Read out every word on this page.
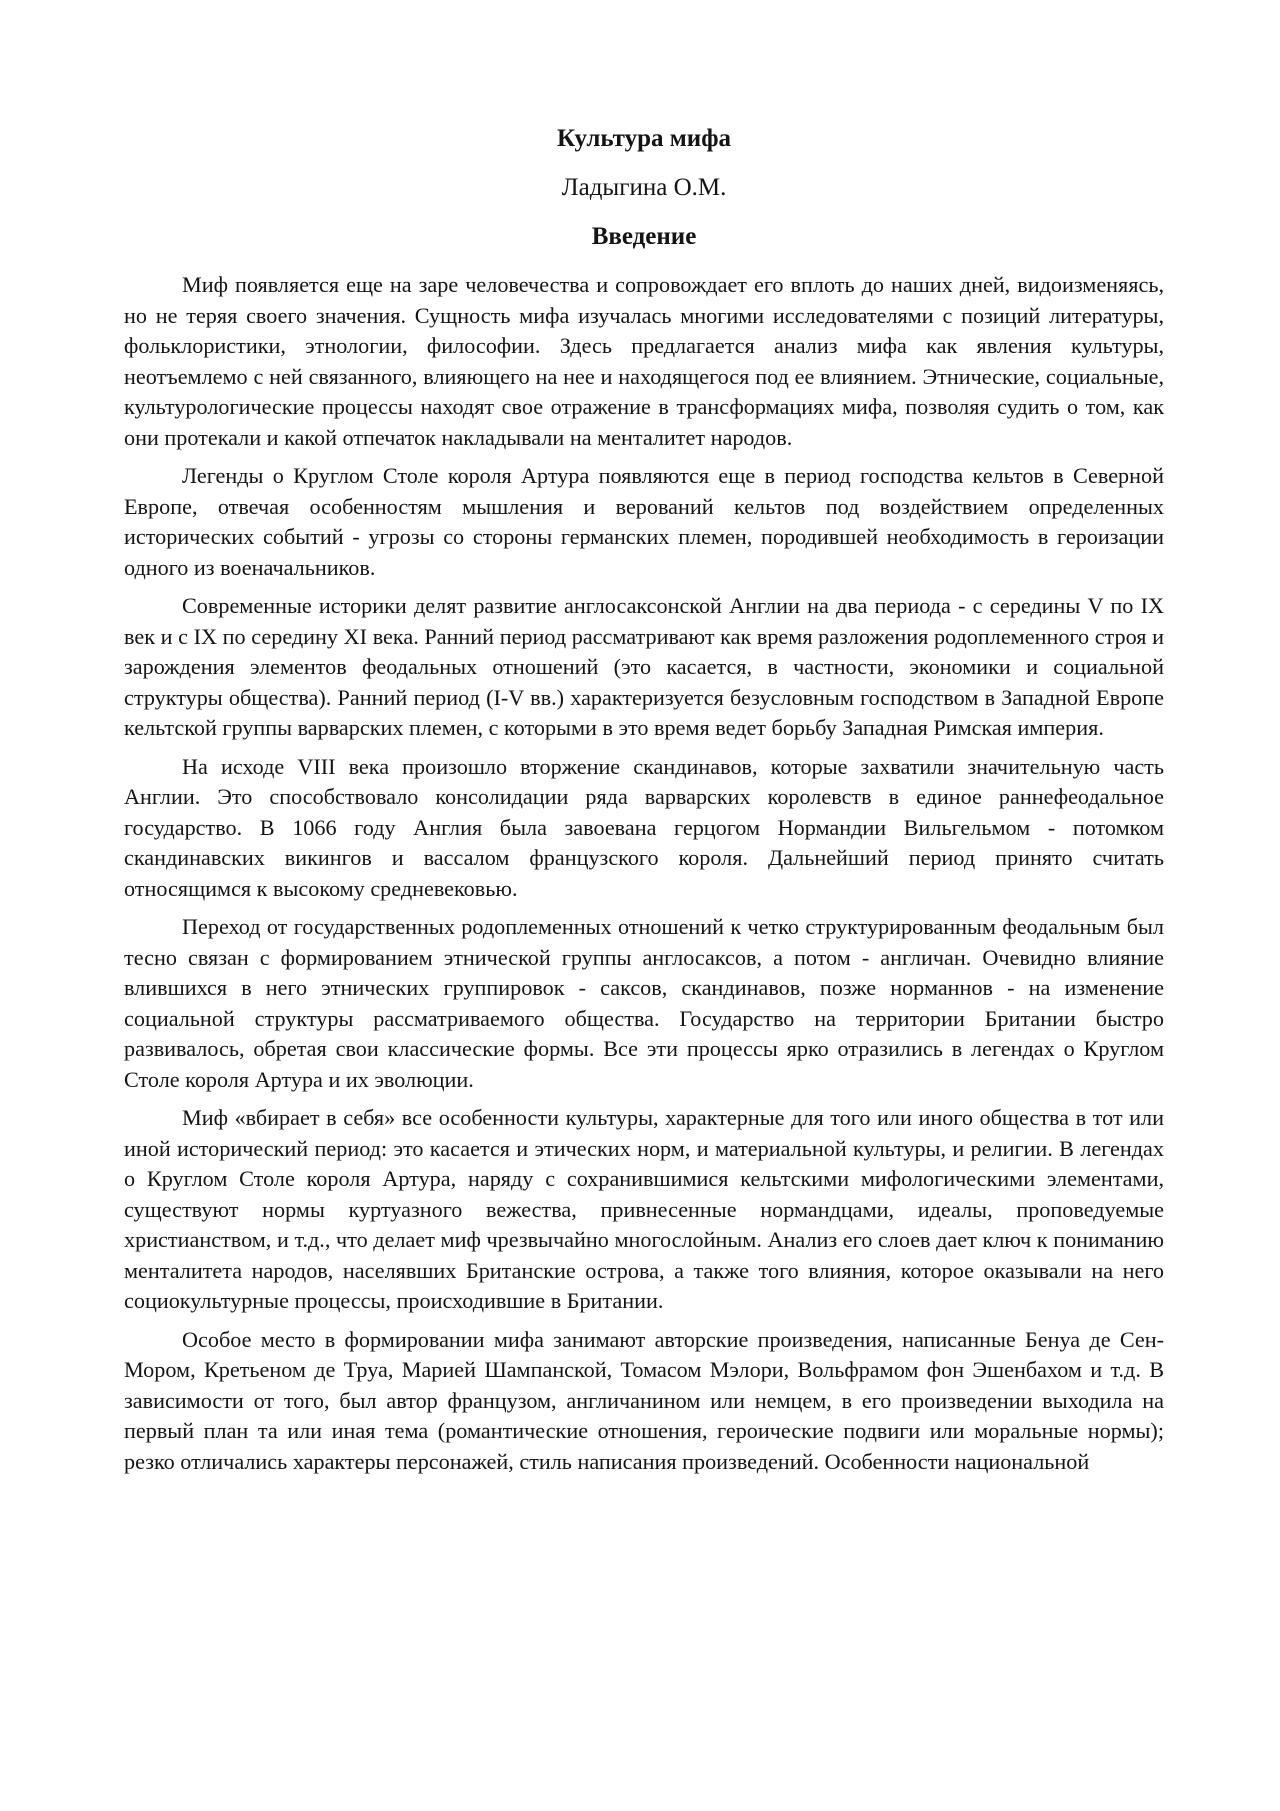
Культура мифа

Ладыгина О.М.

Введение

Миф появляется еще на заре человечества и сопровождает его вплоть до наших дней, видоизменяясь, но не теряя своего значения. Сущность мифа изучалась многими исследователями с позиций литературы, фольклористики, этнологии, философии. Здесь предлагается анализ мифа как явления культуры, неотъемлемо с ней связанного, влияющего на нее и находящегося под ее влиянием. Этнические, социальные, культурологические процессы находят свое отражение в трансформациях мифа, позволяя судить о том, как они протекали и какой отпечаток накладывали на менталитет народов.

Легенды о Круглом Столе короля Артура появляются еще в период господства кельтов в Северной Европе, отвечая особенностям мышления и верований кельтов под воздействием определенных исторических событий - угрозы со стороны германских племен, породившей необходимость в героизации одного из военачальников.

Современные историки делят развитие англосаксонской Англии на два периода - с середины V по IX век и с IX по середину XI века. Ранний период рассматривают как время разложения родоплеменного строя и зарождения элементов феодальных отношений (это касается, в частности, экономики и социальной структуры общества). Ранний период (I-V вв.) характеризуется безусловным господством в Западной Европе кельтской группы варварских племен, с которыми в это время ведет борьбу Западная Римская империя.

На исходе VIII века произошло вторжение скандинавов, которые захватили значительную часть Англии. Это способствовало консолидации ряда варварских королевств в единое раннефеодальное государство. В 1066 году Англия была завоевана герцогом Нормандии Вильгельмом - потомком скандинавских викингов и вассалом французского короля. Дальнейший период принято считать относящимся к высокому средневековью.

Переход от государственных родоплеменных отношений к четко структурированным феодальным был тесно связан с формированием этнической группы англосаксов, а потом - англичан. Очевидно влияние влившихся в него этнических группировок - саксов, скандинавов, позже норманнов - на изменение социальной структуры рассматриваемого общества. Государство на территории Британии быстро развивалось, обретая свои классические формы. Все эти процессы ярко отразились в легендах о Круглом Столе короля Артура и их эволюции.

Миф «вбирает в себя» все особенности культуры, характерные для того или иного общества в тот или иной исторический период: это касается и этических норм, и материальной культуры, и религии. В легендах о Круглом Столе короля Артура, наряду с сохранившимися кельтскими мифологическими элементами, существуют нормы куртуазного вежества, привнесенные нормандцами, идеалы, проповедуемые христианством, и т.д., что делает миф чрезвычайно многослойным. Анализ его слоев дает ключ к пониманию менталитета народов, населявших Британские острова, а также того влияния, которое оказывали на него социокультурные процессы, происходившие в Британии.

Особое место в формировании мифа занимают авторские произведения, написанные Бенуа де Сен-Мором, Кретьеном де Труа, Марией Шампанской, Томасом Мэлори, Вольфрамом фон Эшенбахом и т.д. В зависимости от того, был автор французом, англичанином или немцем, в его произведении выходила на первый план та или иная тема (романтические отношения, героические подвиги или моральные нормы); резко отличались характеры персонажей, стиль написания произведений. Особенности национальной
